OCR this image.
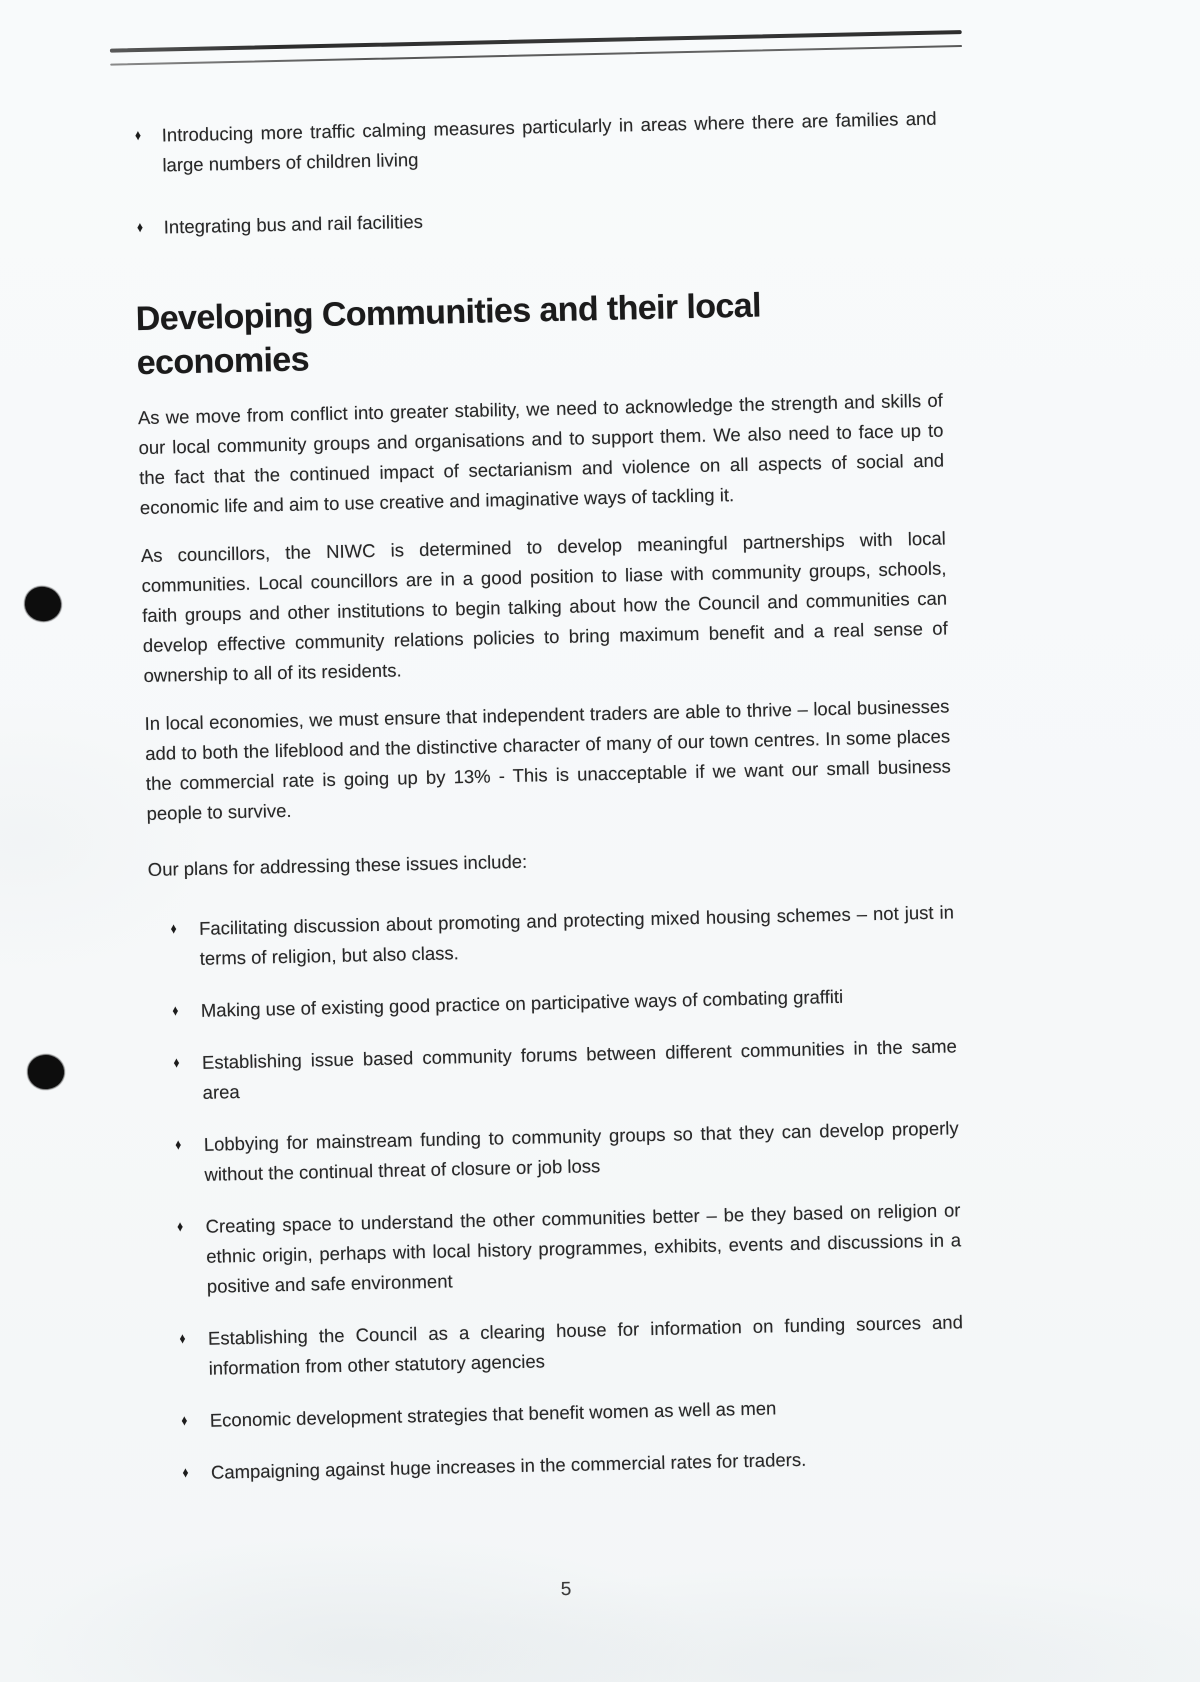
♦	Introducing more traffic calming measures particularly in areas where there are families and large numbers of children living
♦	Integrating bus and rail facilities
Developing Communities and their local economies

As we move from conflict into greater stability, we need to acknowledge the strength and skills of our local community groups and organisations and to support them. We also need to face up to the fact that the continued impact of sectarianism and violence on all aspects of social and economic life and aim to use creative and imaginative ways of tackling it.

As councillors, the NIWC is determined to develop meaningful partnerships with local communities. Local councillors are in a good position to liase with community groups, schools, faith groups and other institutions to begin talking about how the Council and communities can develop effective community relations policies to bring maximum benefit and a real sense of ownership to all of its residents.

In local economies, we must ensure that independent traders are able to thrive – local businesses add to both the lifeblood and the distinctive character of many of our town centres. In some places the commercial rate is going up by 13% - This is unacceptable if we want our small business people to survive.

Our plans for addressing these issues include:

♦	Facilitating discussion about promoting and protecting mixed housing schemes – not just in terms of religion, but also class.
♦	Making use of existing good practice on participative ways of combating graffiti
♦	Establishing issue based community forums between different communities in the same area
♦	Lobbying for mainstream funding to community groups so that they can develop properly without the continual threat of closure or job loss
♦	Creating space to understand the other communities better – be they based on religion or ethnic origin, perhaps with local history programmes, exhibits, events and discussions in a positive and safe environment
♦	Establishing the Council as a clearing house for information on funding sources and information from other statutory agencies
♦	Economic development strategies that benefit women as well as men
♦	Campaigning against huge increases in the commercial rates for traders.
5
